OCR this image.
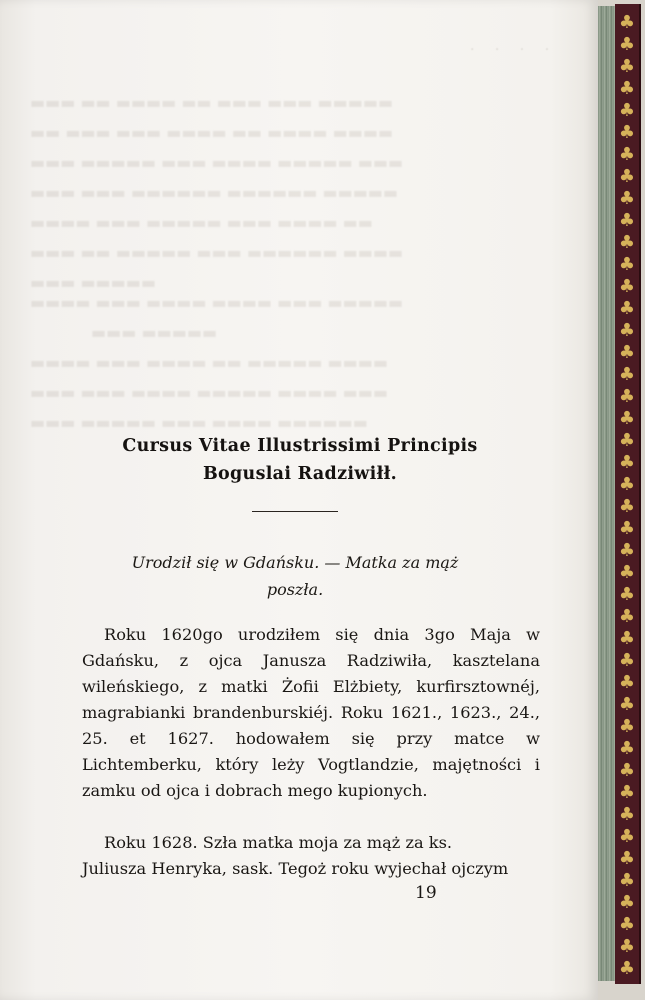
♣
♣
♣
♣
♣
♣
♣
♣
♣
♣
♣
♣
♣
♣
♣
♣
♣
♣
♣
♣
♣
♣
♣
♣
♣
♣
♣
♣
♣
♣
♣
♣
♣
♣
♣
♣
♣
♣
♣
♣
♣
♣
♣
♣
· · · ·
▬▬▬ ▬▬ ▬▬▬▬ ▬▬ ▬▬▬ ▬▬▬ ▬▬▬▬▬
▬▬ ▬▬▬ ▬▬▬ ▬▬▬▬ ▬▬ ▬▬▬▬ ▬▬▬▬
▬▬▬ ▬▬▬▬▬ ▬▬▬ ▬▬▬▬ ▬▬▬▬▬ ▬▬▬
▬▬▬ ▬▬▬ ▬▬▬▬▬▬ ▬▬▬▬▬▬ ▬▬▬▬▬
▬▬▬▬ ▬▬▬ ▬▬▬▬▬ ▬▬▬ ▬▬▬▬ ▬▬
▬▬▬ ▬▬ ▬▬▬▬▬ ▬▬▬ ▬▬▬▬▬▬ ▬▬▬▬
▬▬▬ ▬▬▬▬▬
▬▬▬▬ ▬▬▬ ▬▬▬▬ ▬▬▬▬ ▬▬▬ ▬▬▬▬▬
▬▬▬ ▬▬▬▬▬
▬▬▬▬ ▬▬▬ ▬▬▬▬ ▬▬ ▬▬▬▬▬ ▬▬▬▬
▬▬▬ ▬▬▬ ▬▬▬▬ ▬▬▬▬▬ ▬▬▬▬ ▬▬▬
▬▬▬ ▬▬▬▬▬ ▬▬▬ ▬▬▬▬ ▬▬▬▬▬▬
Cursus Vitae Illustrissimi Principis
Boguslai Radziwiłł.
Urodził się w Gdańsku. — Matka za mąż
poszła.

Roku 1620go urodziłem się dnia 3go Maja w Gdańsku, z ojca Janusza Radziwiła, kasztelana wileńskiego, z matki Żofii Elżbiety, kurfirsztownéj, magrabianki brandenburskiéj. Roku 1621., 1623., 24., 25. et 1627. hodowałem się przy matce w Lichtemberku, który leży Vogtlandzie, majętności i zamku od ojca i dobrach mego kupionych.

Roku 1628. Szła matka moja za mąż za ks.

Juliusza Henryka, sask. Tegoż roku wyjechał ojczym
19
